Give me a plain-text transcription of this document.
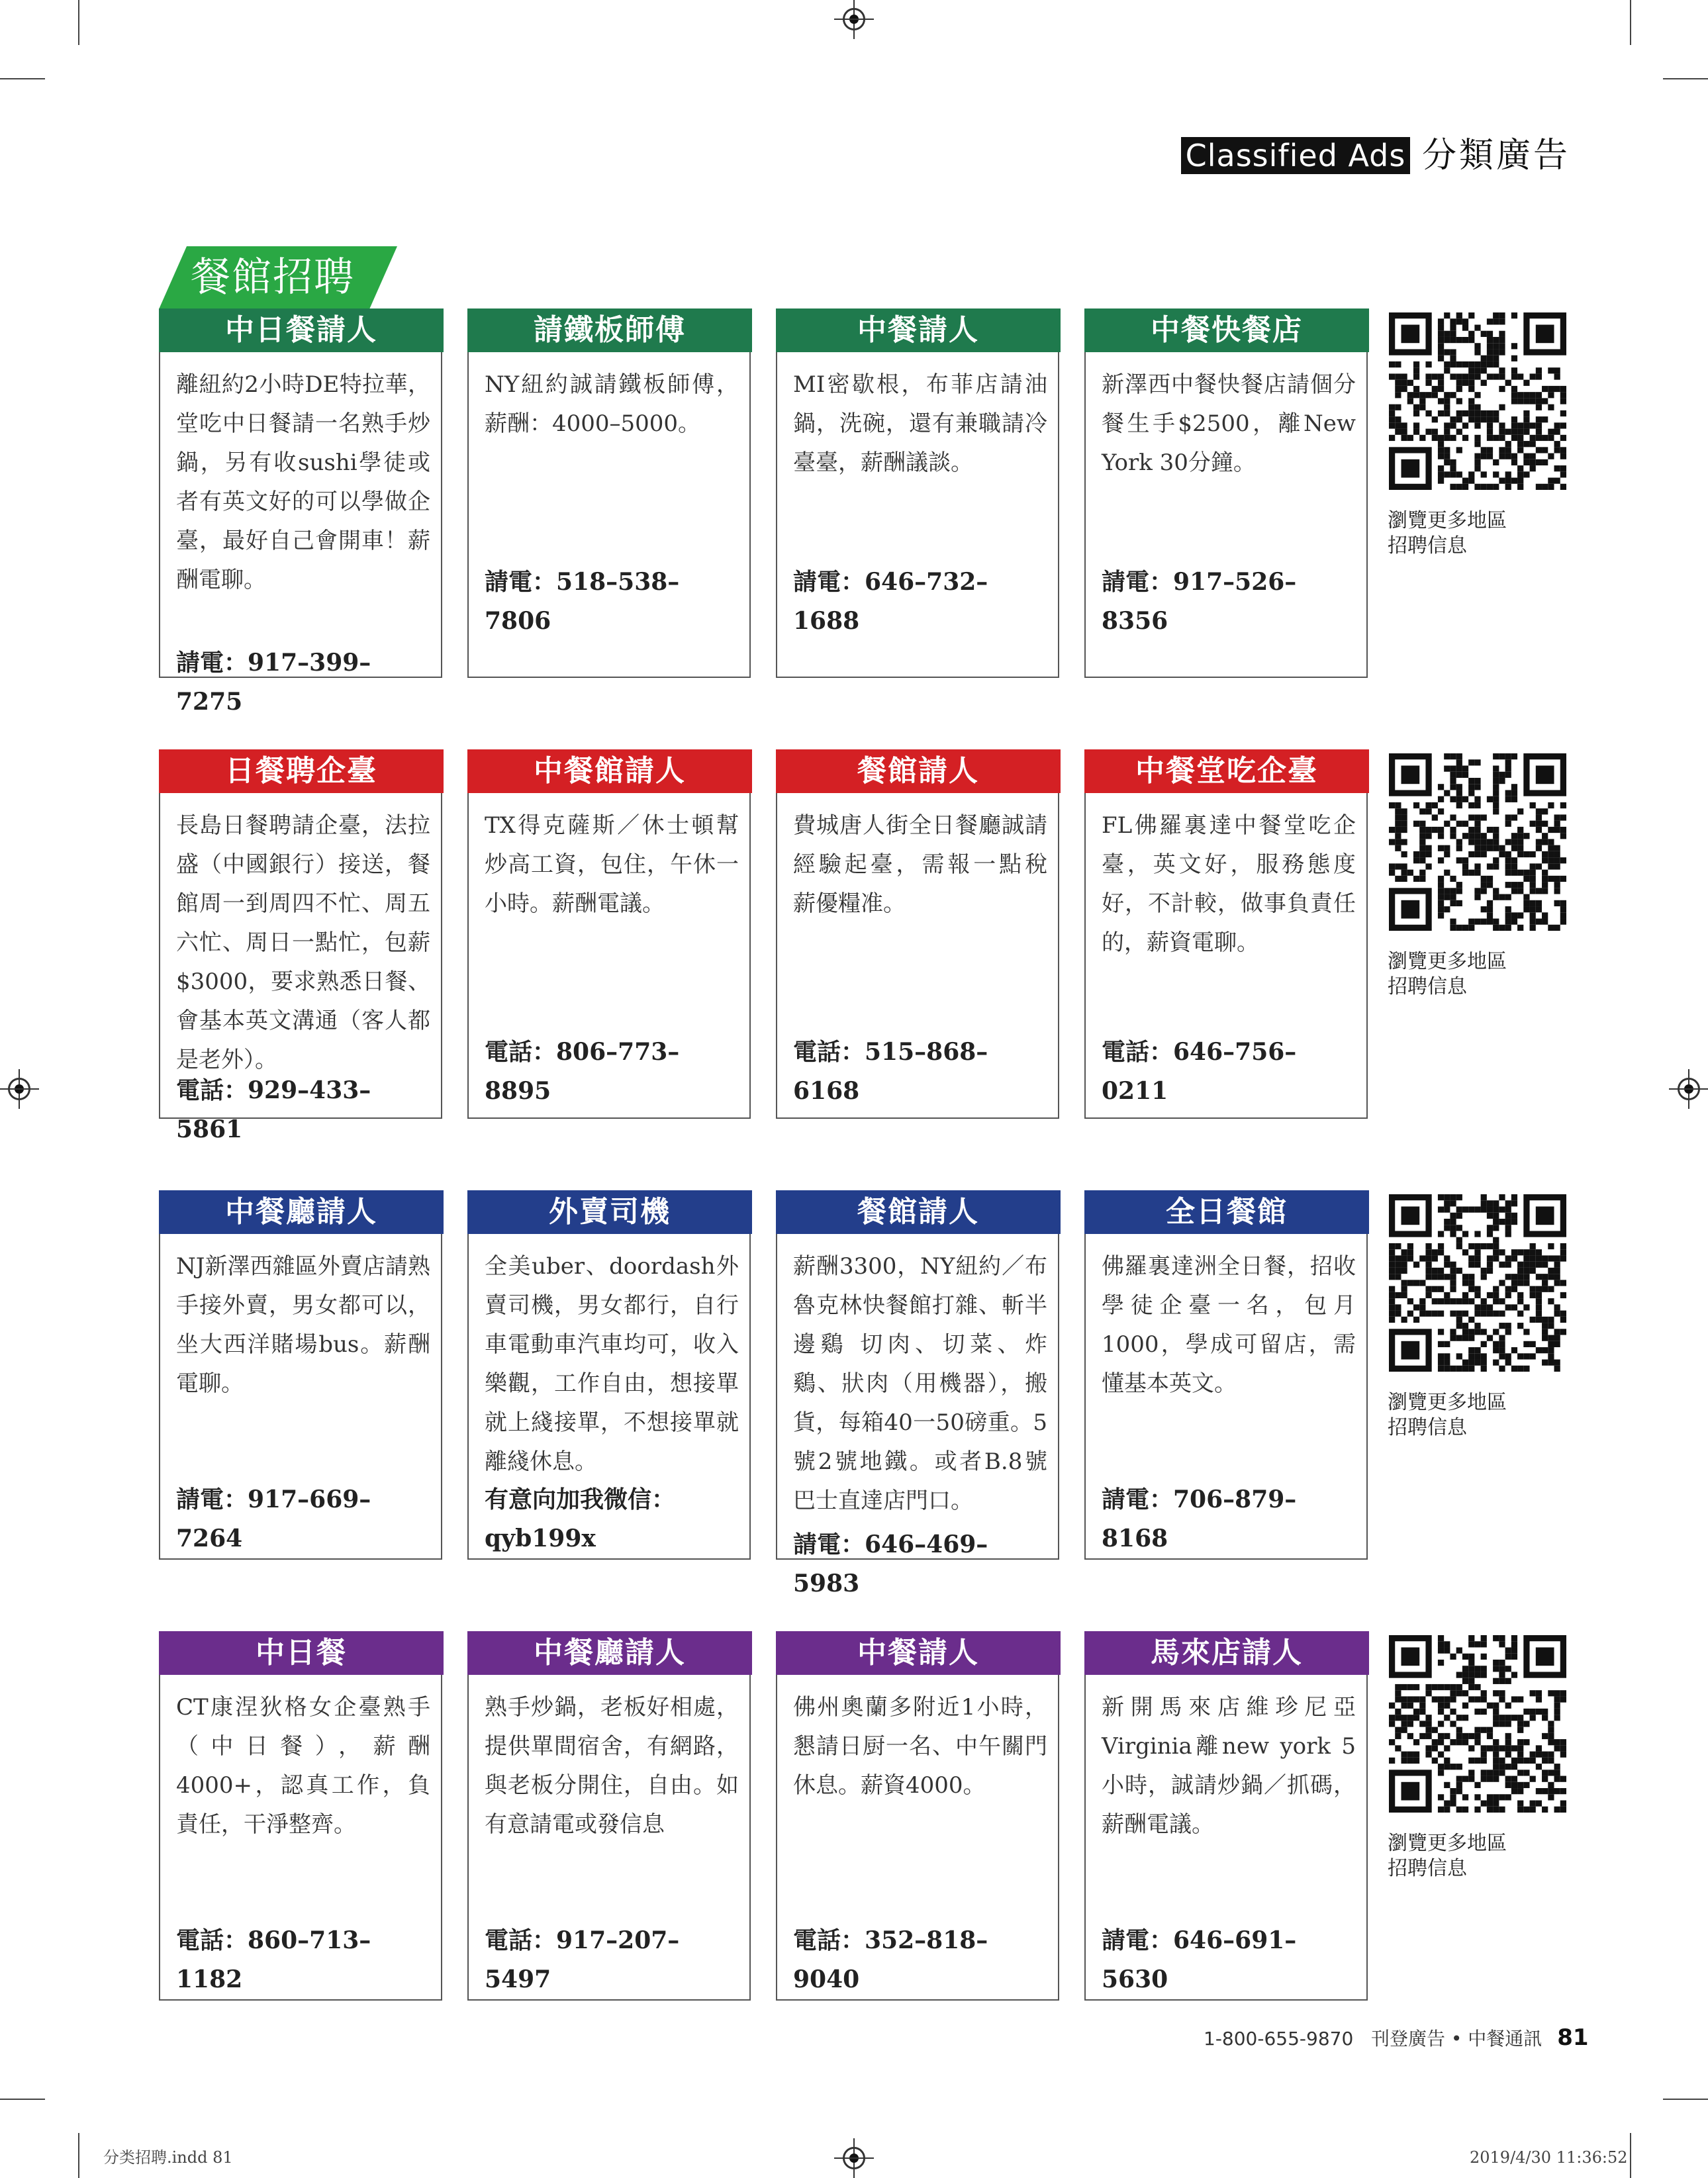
Classified Ads 分類廣告
餐館招聘
中日餐請人
離紐約2小時DE特拉華，堂吃中日餐請一名熟手炒鍋，另有收sushi學徒或者有英文好的可以學做企臺，最好自己會開車！薪酬電聊。
請電：917–399–7275
請鐵板師傅
NY紐約誠請鐵板師傅，薪酬：4000–5000。
請電：518–538–7806
中餐請人
MI密歇根，布菲店請油鍋，洗碗，還有兼職請冷臺臺，薪酬議談。
請電：646–732–1688
中餐快餐店
新澤西中餐快餐店請個分餐生手$2500，離New York 30分鐘。
請電：917–526–8356
日餐聘企臺
長島日餐聘請企臺，法拉盛（中國銀行）接送，餐館周一到周四不忙、周五六忙、周日一點忙，包薪$3000，要求熟悉日餐、會基本英文溝通（客人都是老外）。
電話：929–433–5861
中餐館請人
TX得克薩斯／休士頓幫炒高工資，包住，午休一小時。薪酬電議。
電話：806–773–8895
餐館請人
費城唐人街全日餐廳誠請經驗起臺，需報一點稅 薪優糧准。
電話：515–868–6168
中餐堂吃企臺
FL佛羅裏達中餐堂吃企臺，英文好，服務態度好，不計較，做事負責任的，薪資電聊。
電話：646–756–0211
中餐廳請人
NJ新澤西雜區外賣店請熟手接外賣，男女都可以，坐大西洋賭場bus。薪酬電聊。
請電：917–669–7264
外賣司機
全美uber、doordash外賣司機，男女都行，自行車電動車汽車均可，收入樂觀，工作自由，想接單就上綫接單，不想接單就離綫休息。
有意向加我微信：
qyb199x
餐館請人
薪酬3300，NY紐約／布魯克林快餐館打雜、斬半邊鷄 切肉、切菜、炸鷄、狀肉（用機器），搬貨，每箱40一50磅重。5號2號地鐵。或者B.8號巴士直達店門口。
請電：646–469–5983
全日餐館
佛羅裏達洲全日餐，招收學徒企臺一名，包月1000，學成可留店，需懂基本英文。
請電：706–879–8168
中日餐
CT康涅狄格女企臺熟手（中日餐），薪酬4000+，認真工作，負責任，干淨整齊。
電話：860–713–1182
中餐廳請人
熟手炒鍋，老板好相處，提供單間宿舍，有網路，與老板分開住，自由。如有意請電或發信息
電話：917–207–5497
中餐請人
佛州奧蘭多附近1小時，懇請日厨一名、中午關門休息。薪資4000。
電話：352–818–9040
馬來店請人
新開馬來店維珍尼亞Virginia離new york 5小時，誠請炒鍋／抓碼，薪酬電議。
請電：646–691–5630
1-800-655-9870 刊登廣告 • 中餐通訊 81
分类招聘.indd 81	2019/4/30 11:36:52
瀏覽更多地區
招聘信息
瀏覽更多地區
招聘信息
瀏覽更多地區
招聘信息
瀏覽更多地區
招聘信息
